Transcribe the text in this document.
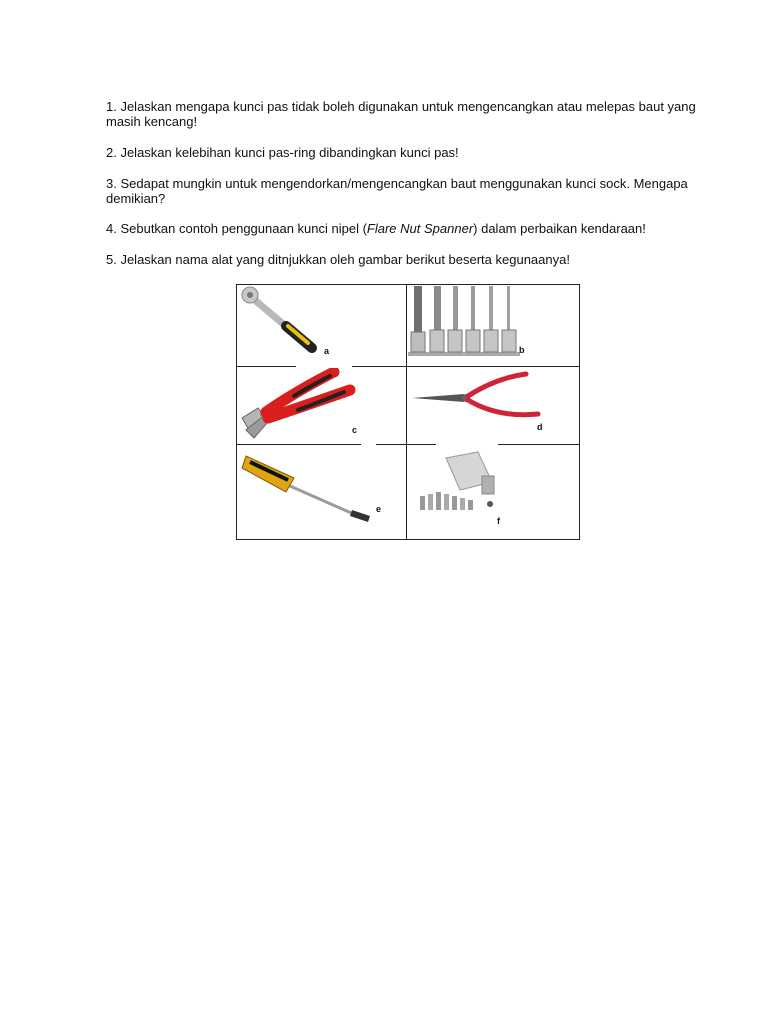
1. Jelaskan mengapa kunci pas tidak boleh digunakan untuk mengencangkan atau melepas baut yang masih kencang!

2. Jelaskan kelebihan kunci pas-ring dibandingkan kunci pas!

3. Sedapat mungkin untuk mengendorkan/mengencangkan baut menggunakan kunci sock. Mengapa demikian?

4. Sebutkan contoh penggunaan kunci nipel (Flare Nut Spanner) dalam perbaikan kendaraan!

5. Jelaskan nama alat yang ditnjukkan oleh gambar berikut beserta kegunaanya!

a	b
c	d
e
f
